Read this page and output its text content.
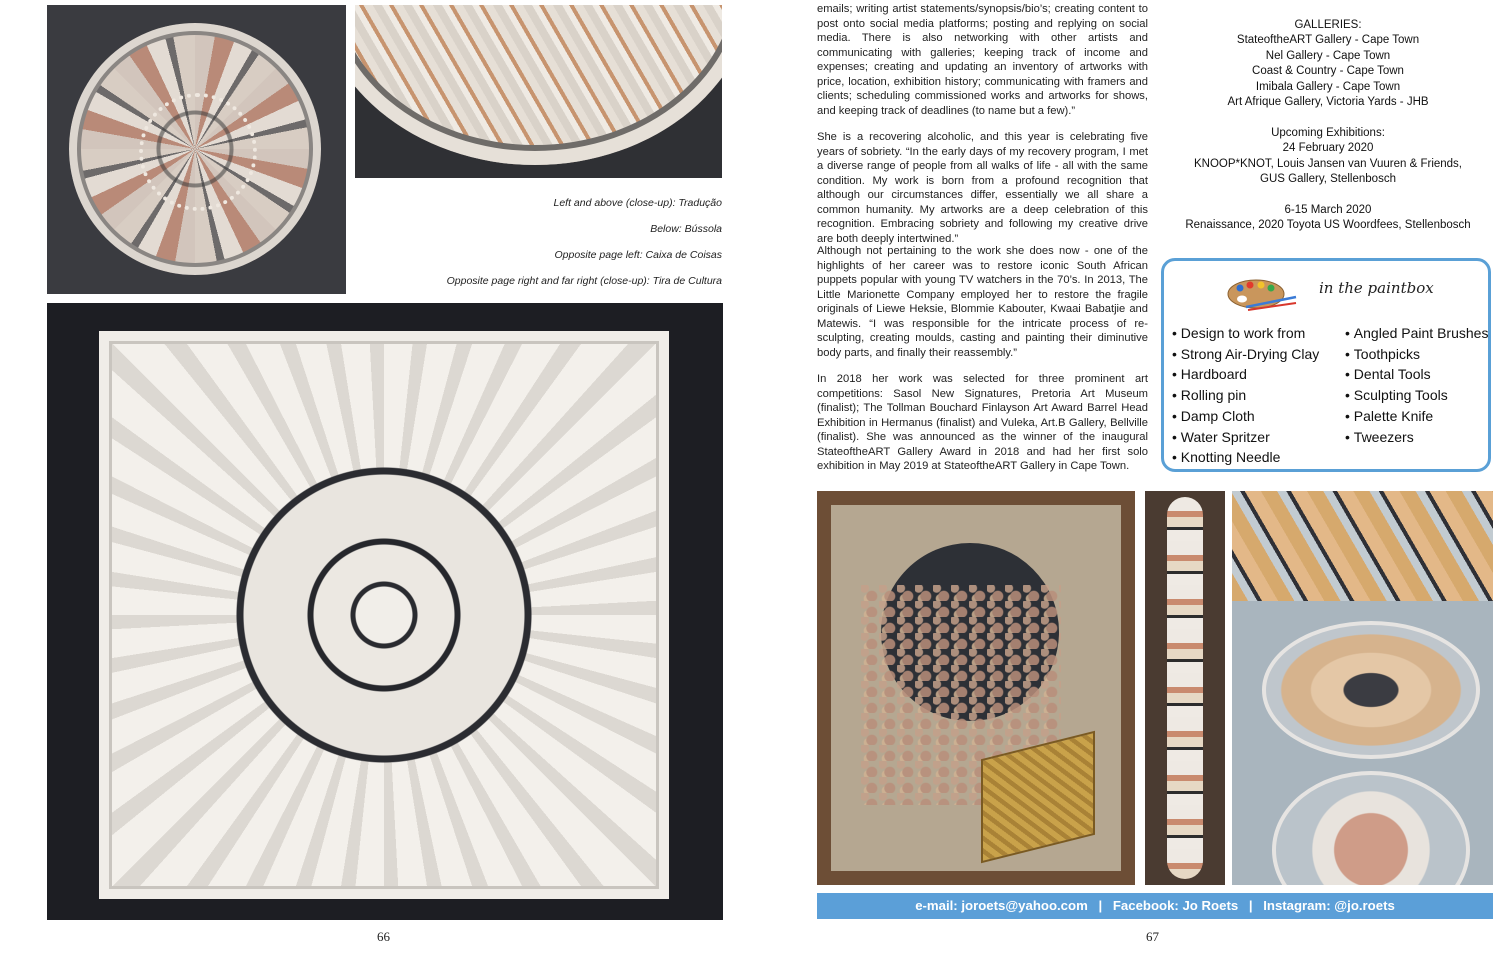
Left and above (close-up): Tradução
Below: Bússola
Opposite page left: Caixa de Coisas
Opposite page right and far right (close-up): Tira de Cultura
66

emails; writing artist statements/synopsis/bio’s; creating content to post onto social media platforms; posting and replying on social media. There is also networking with other artists and communicating with galleries; keeping track of income and expenses; creating and updating an inventory of artworks with price, location, exhibition history; communicating with framers and clients; scheduling commissioned works and artworks for shows, and keeping track of deadlines (to name but a few).”

She is a recovering alcoholic, and this year is celebrating five years of sobriety. “In the early days of my recovery program, I met a diverse range of people from all walks of life - all with the same condition. My work is born from a profound recognition that although our circumstances differ, essentially we all share a common humanity. My artworks are a deep celebration of this recognition. Embracing sobriety and following my creative drive are both deeply intertwined.”

Although not pertaining to the work she does now - one of the highlights of her career was to restore iconic South African puppets popular with young TV watchers in the 70’s. In 2013, The Little Marionette Company employed her to restore the fragile originals of Liewe Heksie, Blommie Kabouter, Kwaai Babatjie and Matewis. “I was responsible for the intricate process of re-sculpting, creating moulds, casting and painting their diminutive body parts, and finally their reassembly.”

In 2018 her work was selected for three prominent art competitions: Sasol New Signatures, Pretoria Art Museum (finalist); The Tollman Bouchard Finlayson Art Award Barrel Head Exhibition in Hermanus (finalist) and Vuleka, Art.B Gallery, Bellville (finalist). She was announced as the winner of the inaugural StateoftheART Gallery Award in 2018 and had her first solo exhibition in May 2019 at StateoftheART Gallery in Cape Town.

GALLERIES:
StateoftheART Gallery - Cape Town
Nel Gallery - Cape Town
Coast & Country - Cape Town
Imibala Gallery - Cape Town
Art Afrique Gallery, Victoria Yards - JHB
Upcoming Exhibitions:
24 February 2020
KNOOP*KNOT, Louis Jansen van Vuuren & Friends,
GUS Gallery, Stellenbosch
6-15 March 2020
Renaissance, 2020 Toyota US Woordfees, Stellenbosch
in the paintbox
• Design to work from
• Strong Air-Drying Clay
• Hardboard
• Rolling pin
• Damp Cloth
• Water Spritzer
• Knotting Needle
• Angled Paint Brushes
• Toothpicks
• Dental Tools
• Sculpting Tools
• Palette Knife
• Tweezers
e-mail: joroets@yahoo.com | Facebook: Jo Roets | Instagram: @jo.roets
67
